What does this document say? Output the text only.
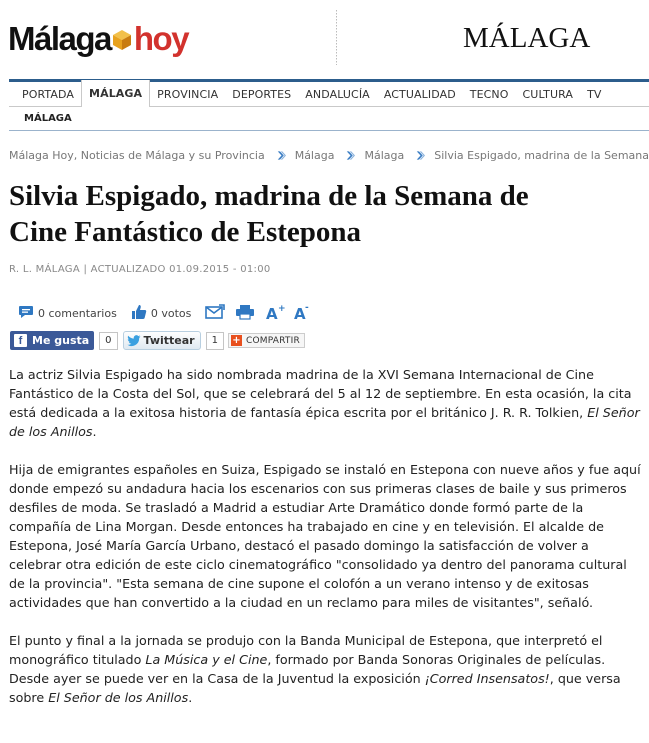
Málaga hoy	MÁLAGA
PORTADA	MÁLAGA	PROVINCIA	DEPORTES	ANDALUCÍA	ACTUALIDAD	TECNO	CULTURA	TV
MÁLAGA
Málaga Hoy, Noticias de Málaga y su Provincia	Málaga	Málaga	Silvia Espigado, madrina de la Semana
Silvia Espigado, madrina de la Semana de
Cine Fantástico de Estepona
R. L. MÁLAGA | ACTUALIZADO 01.09.2015 - 01:00
0 comentarios	0 votos	A + A -
f Me gusta	0	Twittear	1	+ COMPARTIR

La actriz Silvia Espigado ha sido nombrada madrina de la XVI Semana Internacional de Cine Fantástico de la Costa del Sol, que se celebrará del 5 al 12 de septiembre. En esta ocasión, la cita está dedicada a la exitosa historia de fantasía épica escrita por el británico J. R. R. Tolkien, El Señor de los Anillos.

Hija de emigrantes españoles en Suiza, Espigado se instaló en Estepona con nueve años y fue aquí donde empezó su andadura hacia los escenarios con sus primeras clases de baile y sus primeros desfiles de moda. Se trasladó a Madrid a estudiar Arte Dramático donde formó parte de la compañía de Lina Morgan. Desde entonces ha trabajado en cine y en televisión. El alcalde de Estepona, José María García Urbano, destacó el pasado domingo la satisfacción de volver a celebrar otra edición de este ciclo cinematográfico "consolidado ya dentro del panorama cultural de la provincia". "Esta semana de cine supone el colofón a un verano intenso y de exitosas actividades que han convertido a la ciudad en un reclamo para miles de visitantes", señaló.

El punto y final a la jornada se produjo con la Banda Municipal de Estepona, que interpretó el monográfico titulado La Música y el Cine, formado por Banda Sonoras Originales de películas. Desde ayer se puede ver en la Casa de la Juventud la exposición ¡Corred Insensatos!, que versa sobre El Señor de los Anillos.
